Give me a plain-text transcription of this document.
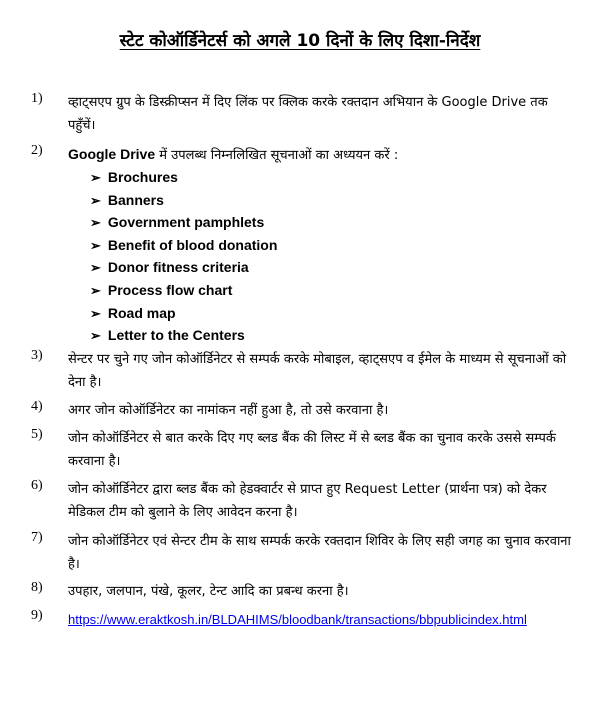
स्टेट कोऑर्डिनेटर्स को अगले 10 दिनों के लिए दिशा-निर्देश
1) व्हाट्सएप ग्रुप के डिस्क्रीप्सन में दिए लिंक पर क्लिक करके रक्तदान अभियान के Google Drive तक पहुँचें।
2) Google Drive में उपलब्ध निम्नलिखित सूचनाओं का अध्ययन करें :
➢ Brochures
➢ Banners
➢ Government pamphlets
➢ Benefit of blood donation
➢ Donor fitness criteria
➢ Process flow chart
➢ Road map
➢ Letter to the Centers
3) सेन्टर पर चुने गए जोन कोऑर्डिनेटर से सम्पर्क करके मोबाइल, व्हाट्सएप व ईमेल के माध्यम से सूचनाओं को देना है।
4) अगर जोन कोऑर्डिनेटर का नामांकन नहीं हुआ है, तो उसे करवाना है।
5) जोन कोऑर्डिनेटर से बात करके दिए गए ब्लड बैंक की लिस्ट में से ब्लड बैंक का चुनाव करके उससे सम्पर्क करवाना है।
6) जोन कोऑर्डिनेटर द्वारा ब्लड बैंक को हेडक्वार्टर से प्राप्त हुए Request Letter (प्रार्थना पत्र) को देकर मेडिकल टीम को बुलाने के लिए आवेदन करना है।
7) जोन कोऑर्डिनेटर एवं सेन्टर टीम के साथ सम्पर्क करके रक्तदान शिविर के लिए सही जगह का चुनाव करवाना है।
8) उपहार, जलपान, पंखे, कूलर, टेन्ट आदि का प्रबन्ध करना है।
9) https://www.eraktkosh.in/BLDAHIMS/bloodbank/transactions/bbpublicindex.html
